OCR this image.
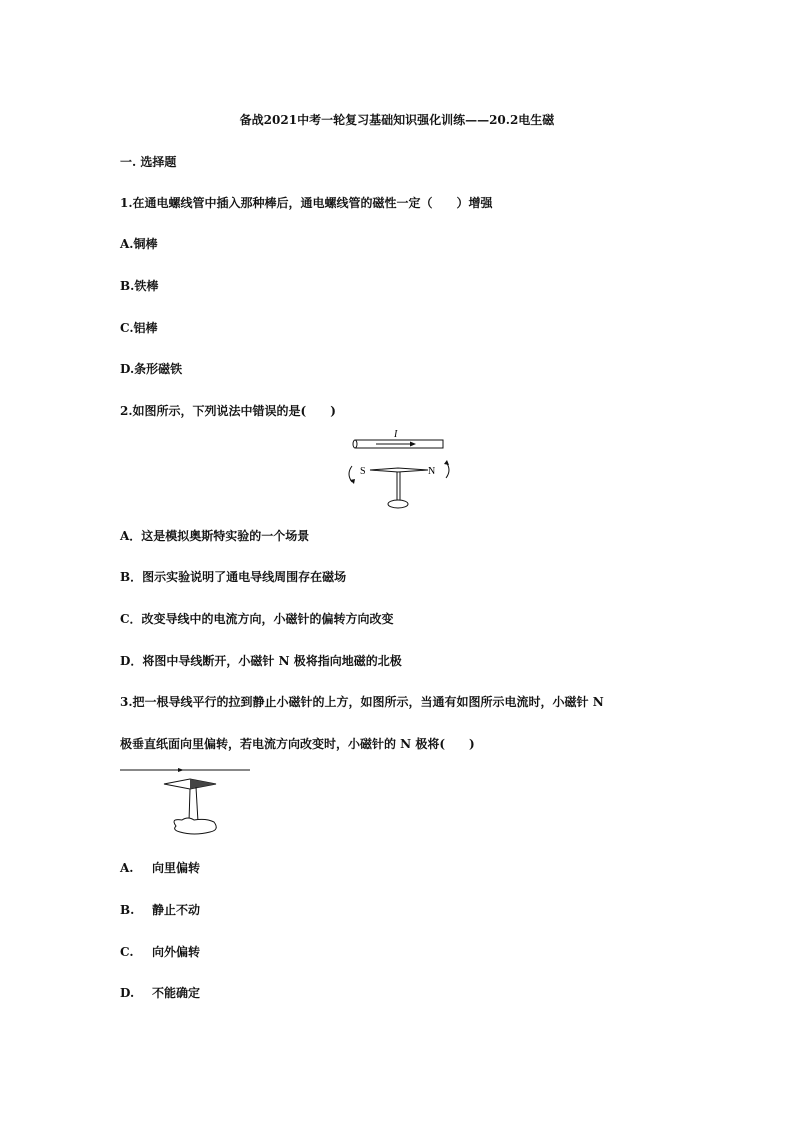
备战2021中考一轮复习基础知识强化训练——20.2电生磁
一. 选择题
1.在通电螺线管中插入那种棒后，通电螺线管的磁性一定（　　）增强
A.铜棒
B.铁棒
C.铝棒
D.条形磁铁
2.如图所示，下列说法中错误的是(　　)
I
S	N
A．这是模拟奥斯特实验的一个场景
B．图示实验说明了通电导线周围存在磁场
C．改变导线中的电流方向，小磁针的偏转方向改变
D．将图中导线断开，小磁针 N 极将指向地磁的北极
3.把一根导线平行的拉到静止小磁针的上方，如图所示，当通有如图所示电流时，小磁针 N
极垂直纸面向里偏转，若电流方向改变时，小磁针的 N 极将(　　)
A. 向里偏转
B. 静止不动
C. 向外偏转
D. 不能确定
